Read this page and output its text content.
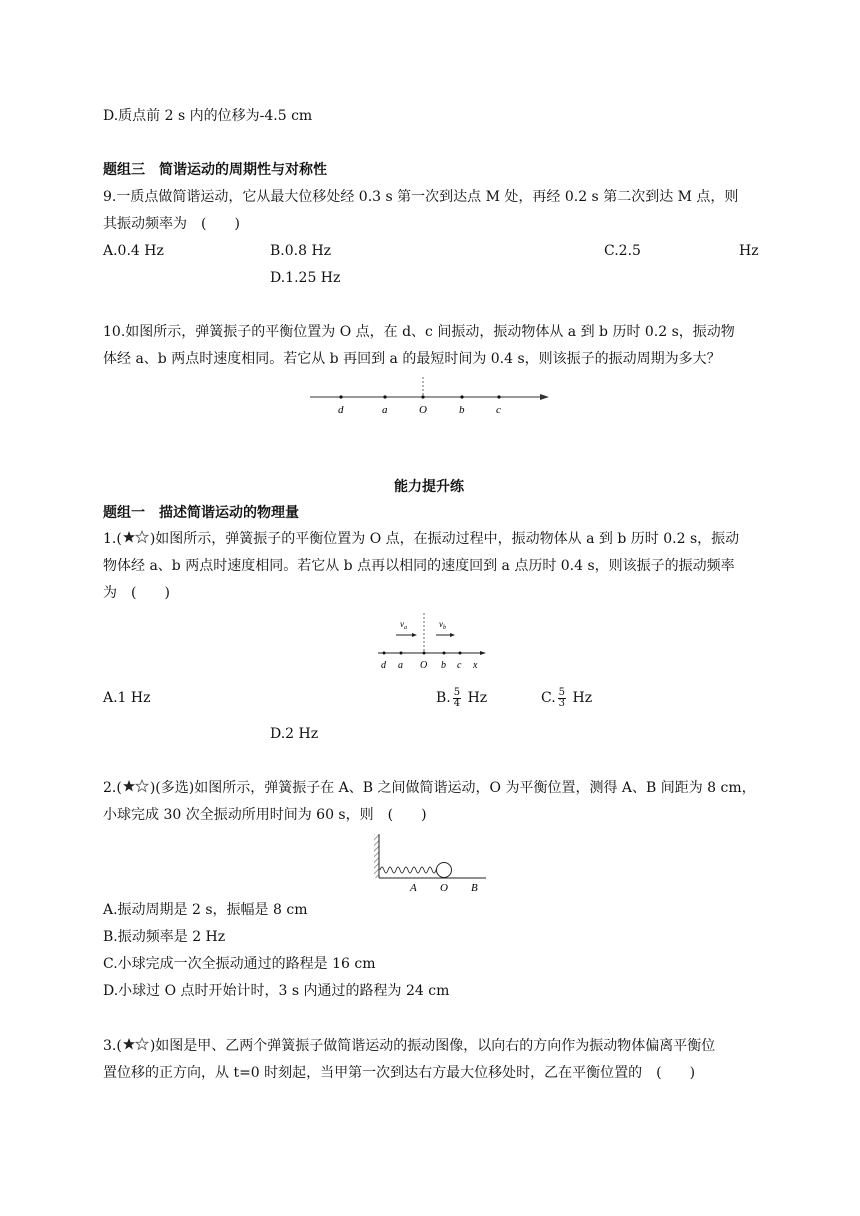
D.质点前 2 s 内的位移为-4.5 cm
题组三　简谐运动的周期性与对称性
9.一质点做简谐运动，它从最大位移处经 0.3 s 第一次到达点 M 处，再经 0.2 s 第二次到达 M 点，则
其振动频率为　(　　)
A.0.4 Hz	B.0.8 Hz	C.2.5	Hz
D.1.25 Hz
10.如图所示，弹簧振子的平衡位置为 O 点，在 d、c 间振动，振动物体从 a 到 b 历时 0.2 s，振动物
体经 a、b 两点时速度相同。若它从 b 再回到 a 的最短时间为 0.4 s，则该振子的振动周期为多大？
d	a	O	b	c
能力提升练
题组一　描述简谐运动的物理量
1.( )如图所示，弹簧振子的平衡位置为 O 点，在振动过程中，振动物体从 a 到 b 历时 0.2 s，振动
物体经 a、b 两点时速度相同。若它从 b 点再以相同的速度回到 a 点历时 0.4 s，则该振子的振动频率
为　(　　)
$v_a$	$v_b$
d a O b c x
A.1 Hz	B. $\frac{5}{4}$ Hz	C. $\frac{5}{3}$ Hz
D.2 Hz
2.( )(多选)如图所示，弹簧振子在 A、B 之间做简谐运动，O 为平衡位置，测得 A、B 间距为 8 cm，
小球完成 30 次全振动所用时间为 60 s，则　(　　)
A O B
A.振动周期是 2 s，振幅是 8 cm
B.振动频率是 2 Hz
C.小球完成一次全振动通过的路程是 16 cm
D.小球过 O 点时开始计时，3 s 内通过的路程为 24 cm
3.( )如图是甲、乙两个弹簧振子做简谐运动的振动图像，以向右的方向作为振动物体偏离平衡位
置位移的正方向，从 t=0 时刻起，当甲第一次到达右方最大位移处时，乙在平衡位置的　(　　)
